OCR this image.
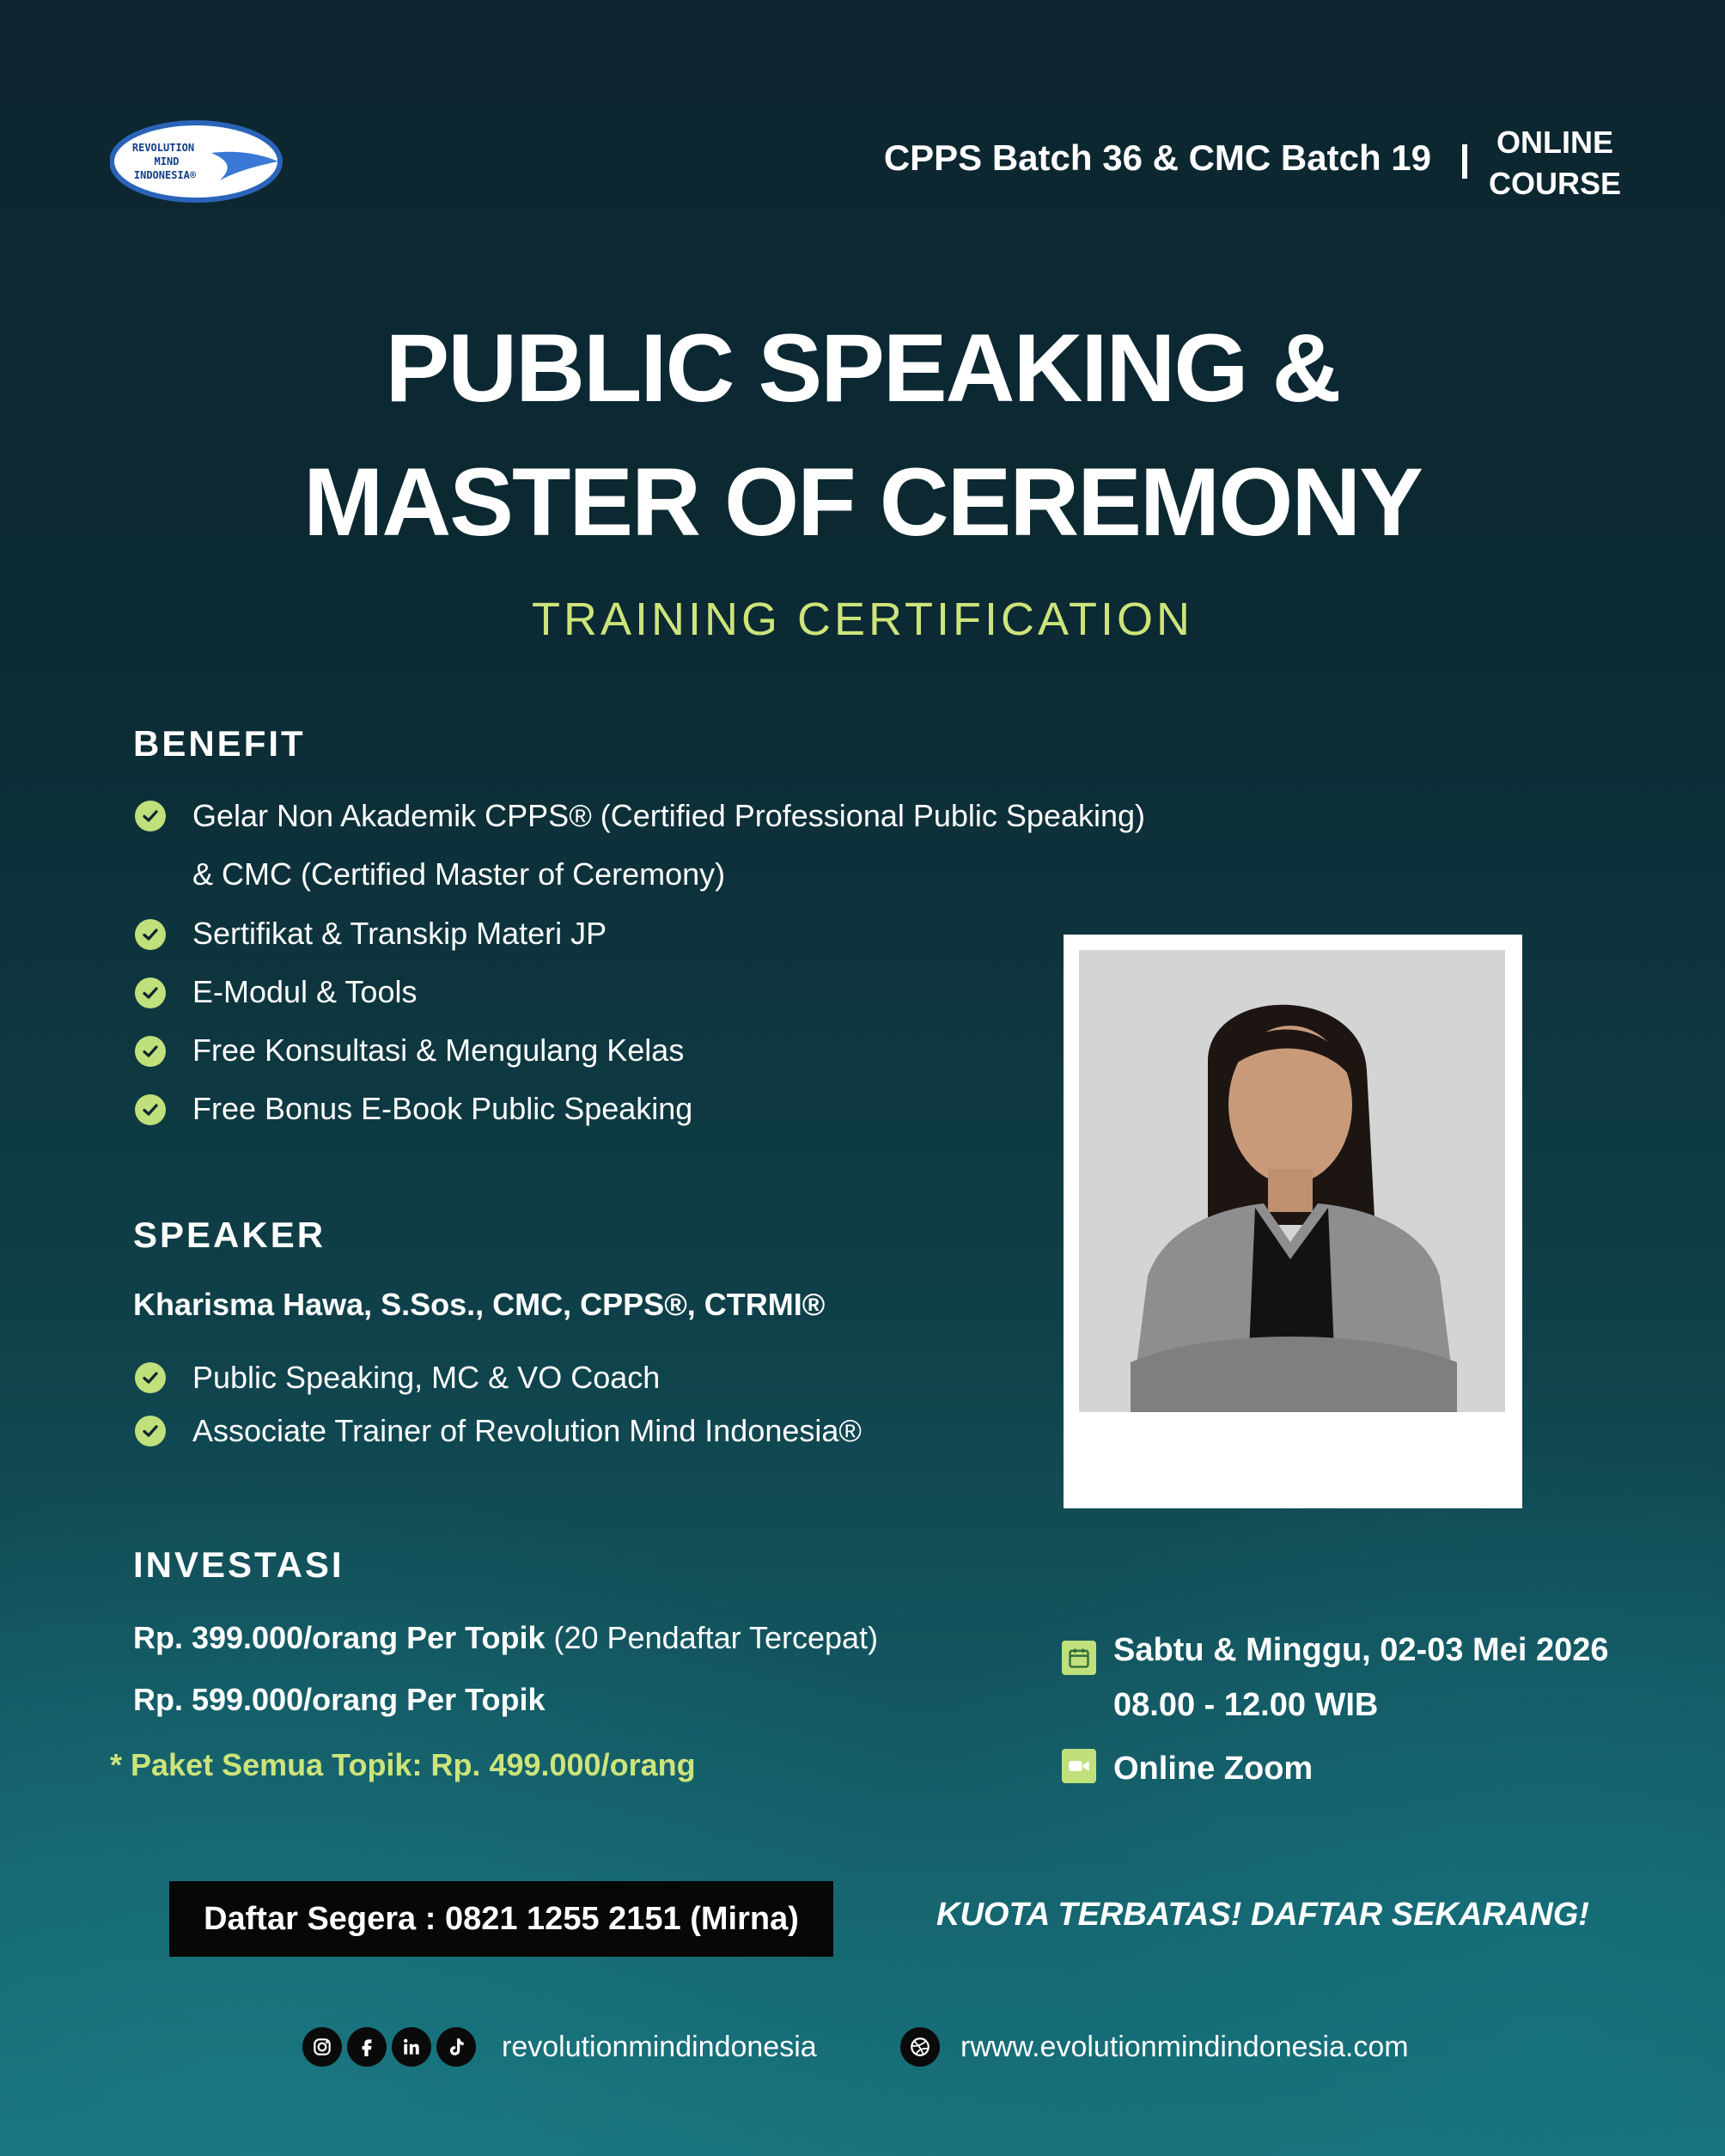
REVOLUTION
MIND
INDONESIA®	CPPS Batch 36 & CMC Batch 19	ONLINE
COURSE
PUBLIC SPEAKING &
MASTER OF CEREMONY
TRAINING CERTIFICATION
BENEFIT
Gelar Non Akademik CPPS® (Certified Professional Public Speaking)
& CMC (Certified Master of Ceremony)
Sertifikat & Transkip Materi JP
E-Modul & Tools
Free Konsultasi & Mengulang Kelas
Free Bonus E-Book Public Speaking
SPEAKER
Kharisma Hawa, S.Sos., CMC, CPPS®, CTRMI®
Public Speaking, MC & VO Coach
Associate Trainer of Revolution Mind Indonesia®
INVESTASI
Rp. 399.000/orang Per Topik (20 Pendaftar Tercepat)
Rp. 599.000/orang Per Topik
* Paket Semua Topik: Rp. 499.000/orang
Sabtu & Minggu, 02-03 Mei 2026
08.00 - 12.00 WIB
Online Zoom
Daftar Segera : 0821 1255 2151 (Mirna)	KUOTA TERBATAS! DAFTAR SEKARANG!
revolutionmindindonesia	rwww.evolutionmindindonesia.com
